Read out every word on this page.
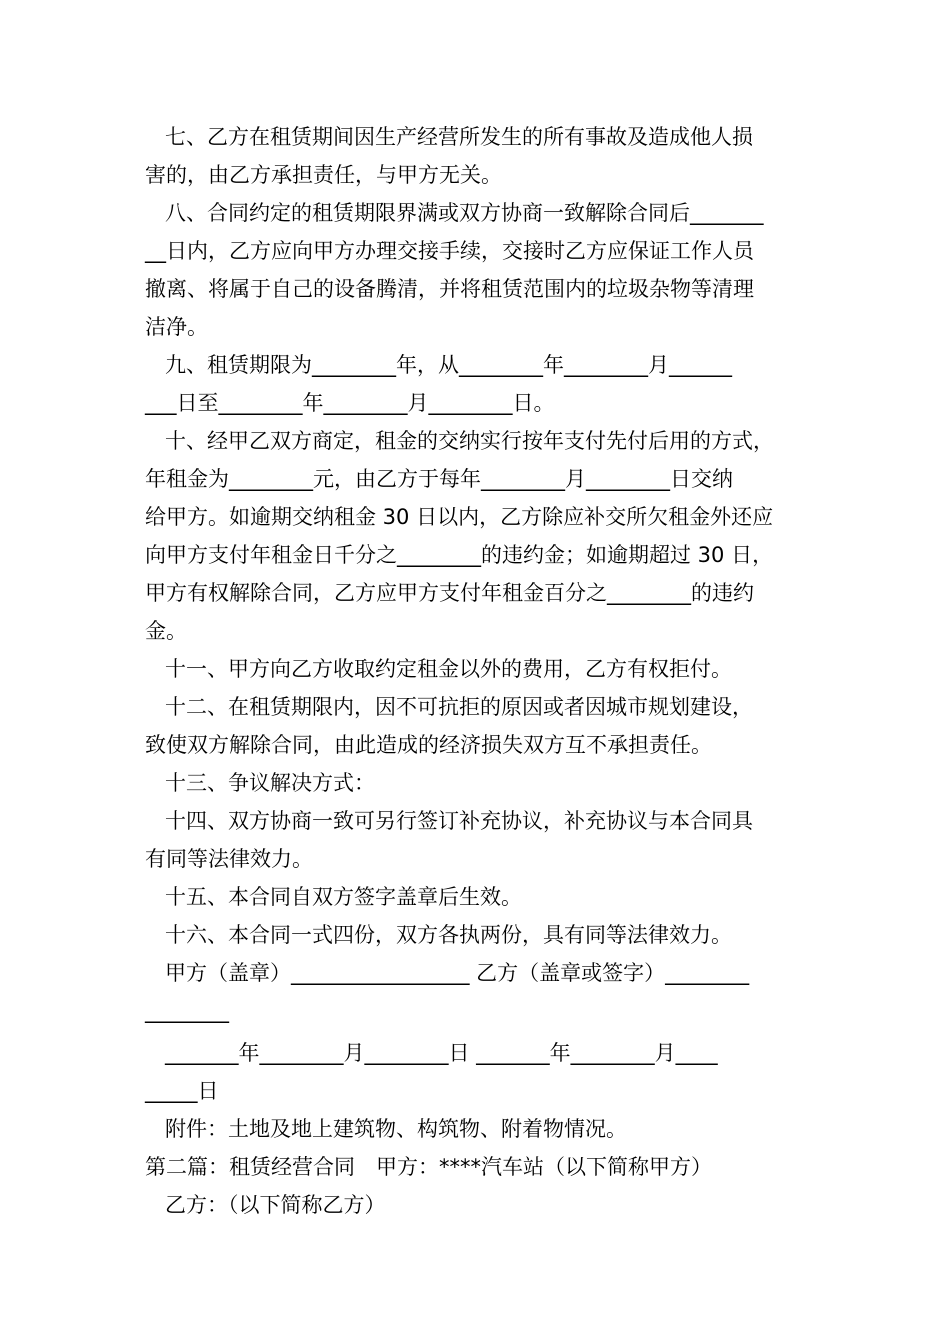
七、乙方在租赁期间因生产经营所发生的所有事故及造成他人损
害的，由乙方承担责任，与甲方无关。
八、合同约定的租赁期限界满或双方协商一致解除合同后_______
__日内，乙方应向甲方办理交接手续，交接时乙方应保证工作人员
撤离、将属于自己的设备腾清，并将租赁范围内的垃圾杂物等清理
洁净。
九、租赁期限为________年，从________年________月______
___日至________年________月________日。
十、经甲乙双方商定，租金的交纳实行按年支付先付后用的方式，
年租金为________元，由乙方于每年________月________日交纳
给甲方。如逾期交纳租金 30 日以内，乙方除应补交所欠租金外还应
向甲方支付年租金日千分之________的违约金；如逾期超过 30 日，
甲方有权解除合同，乙方应甲方支付年租金百分之________的违约
金。
十一、甲方向乙方收取约定租金以外的费用，乙方有权拒付。
十二、在租赁期限内，因不可抗拒的原因或者因城市规划建设，
致使双方解除合同，由此造成的经济损失双方互不承担责任。
十三、争议解决方式：
十四、双方协商一致可另行签订补充协议，补充协议与本合同具
有同等法律效力。
十五、本合同自双方签字盖章后生效。
十六、本合同一式四份，双方各执两份，具有同等法律效力。
甲方（盖章）_________________ 乙方（盖章或签字）________
________
_______年________月________日 _______年________月____
_____日
附件：土地及地上建筑物、构筑物、附着物情况。
第二篇：租赁经营合同　甲方：****汽车站（以下简称甲方）
乙方：（以下简称乙方）
